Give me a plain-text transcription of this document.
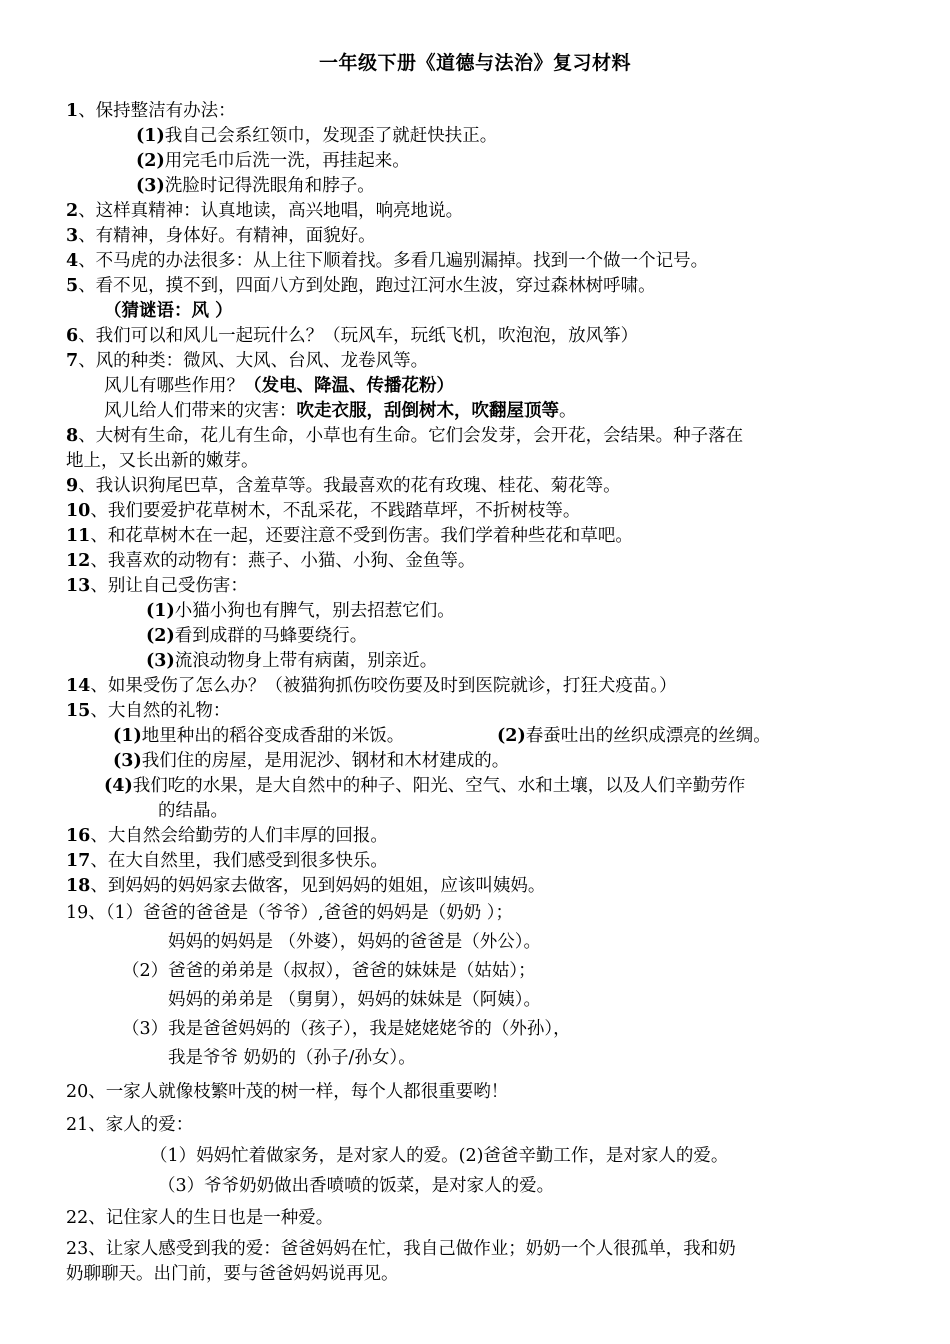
一年级下册《道德与法治》复习材料
1、保持整洁有办法：
(1)我自己会系红领巾，发现歪了就赶快扶正。
(2)用完毛巾后洗一洗，再挂起来。
(3)洗脸时记得洗眼角和脖子。
2、这样真精神：认真地读，高兴地唱，响亮地说。
3、有精神，身体好。有精神，面貌好。
4、不马虎的办法很多：从上往下顺着找。多看几遍别漏掉。找到一个做一个记号。
5、看不见，摸不到，四面八方到处跑，跑过江河水生波，穿过森林树呼啸。
（猜谜语：风 ）
6、我们可以和风儿一起玩什么？（玩风车，玩纸飞机，吹泡泡，放风筝）
7、风的种类：微风、大风、台风、龙卷风等。
风儿有哪些作用？（发电、降温、传播花粉）
风儿给人们带来的灾害：吹走衣服，刮倒树木，吹翻屋顶等。
8、大树有生命，花儿有生命，小草也有生命。它们会发芽，会开花，会结果。种子落在
地上，又长出新的嫩芽。
9、我认识狗尾巴草，含羞草等。我最喜欢的花有玫瑰、桂花、菊花等。
10、我们要爱护花草树木，不乱采花，不践踏草坪，不折树枝等。
11、和花草树木在一起，还要注意不受到伤害。我们学着种些花和草吧。
12、我喜欢的动物有：燕子、小猫、小狗、金鱼等。
13、别让自己受伤害：
(1)小猫小狗也有脾气，别去招惹它们。
(2)看到成群的马蜂要绕行。
(3)流浪动物身上带有病菌，别亲近。
14、如果受伤了怎么办？（被猫狗抓伤咬伤要及时到医院就诊，打狂犬疫苗。）
15、大自然的礼物：
(1)地里种出的稻谷变成香甜的米饭。	(2)春蚕吐出的丝织成漂亮的丝绸。
(3)我们住的房屋，是用泥沙、钢材和木材建成的。
(4)我们吃的水果，是大自然中的种子、阳光、空气、水和土壤，以及人们辛勤劳作
的结晶。
16、大自然会给勤劳的人们丰厚的回报。
17、在大自然里，我们感受到很多快乐。
18、到妈妈的妈妈家去做客，见到妈妈的姐姐，应该叫姨妈。
19、（1）爸爸的爸爸是（爷爷）,爸爸的妈妈是（奶奶 ）；
妈妈的妈妈是 （外婆），妈妈的爸爸是（外公）。
（2）爸爸的弟弟是（叔叔），爸爸的妹妹是（姑姑）；
妈妈的弟弟是 （舅舅），妈妈的妹妹是（阿姨）。
（3）我是爸爸妈妈的（孩子），我是姥姥姥爷的（外孙），
我是爷爷 奶奶的（孙子/孙女）。
20、一家人就像枝繁叶茂的树一样，每个人都很重要哟！
21、家人的爱：
（1）妈妈忙着做家务，是对家人的爱。(2)爸爸辛勤工作，是对家人的爱。
（3）爷爷奶奶做出香喷喷的饭菜，是对家人的爱。
22、记住家人的生日也是一种爱。
23、让家人感受到我的爱：爸爸妈妈在忙，我自己做作业；奶奶一个人很孤单，我和奶
奶聊聊天。出门前，要与爸爸妈妈说再见。
